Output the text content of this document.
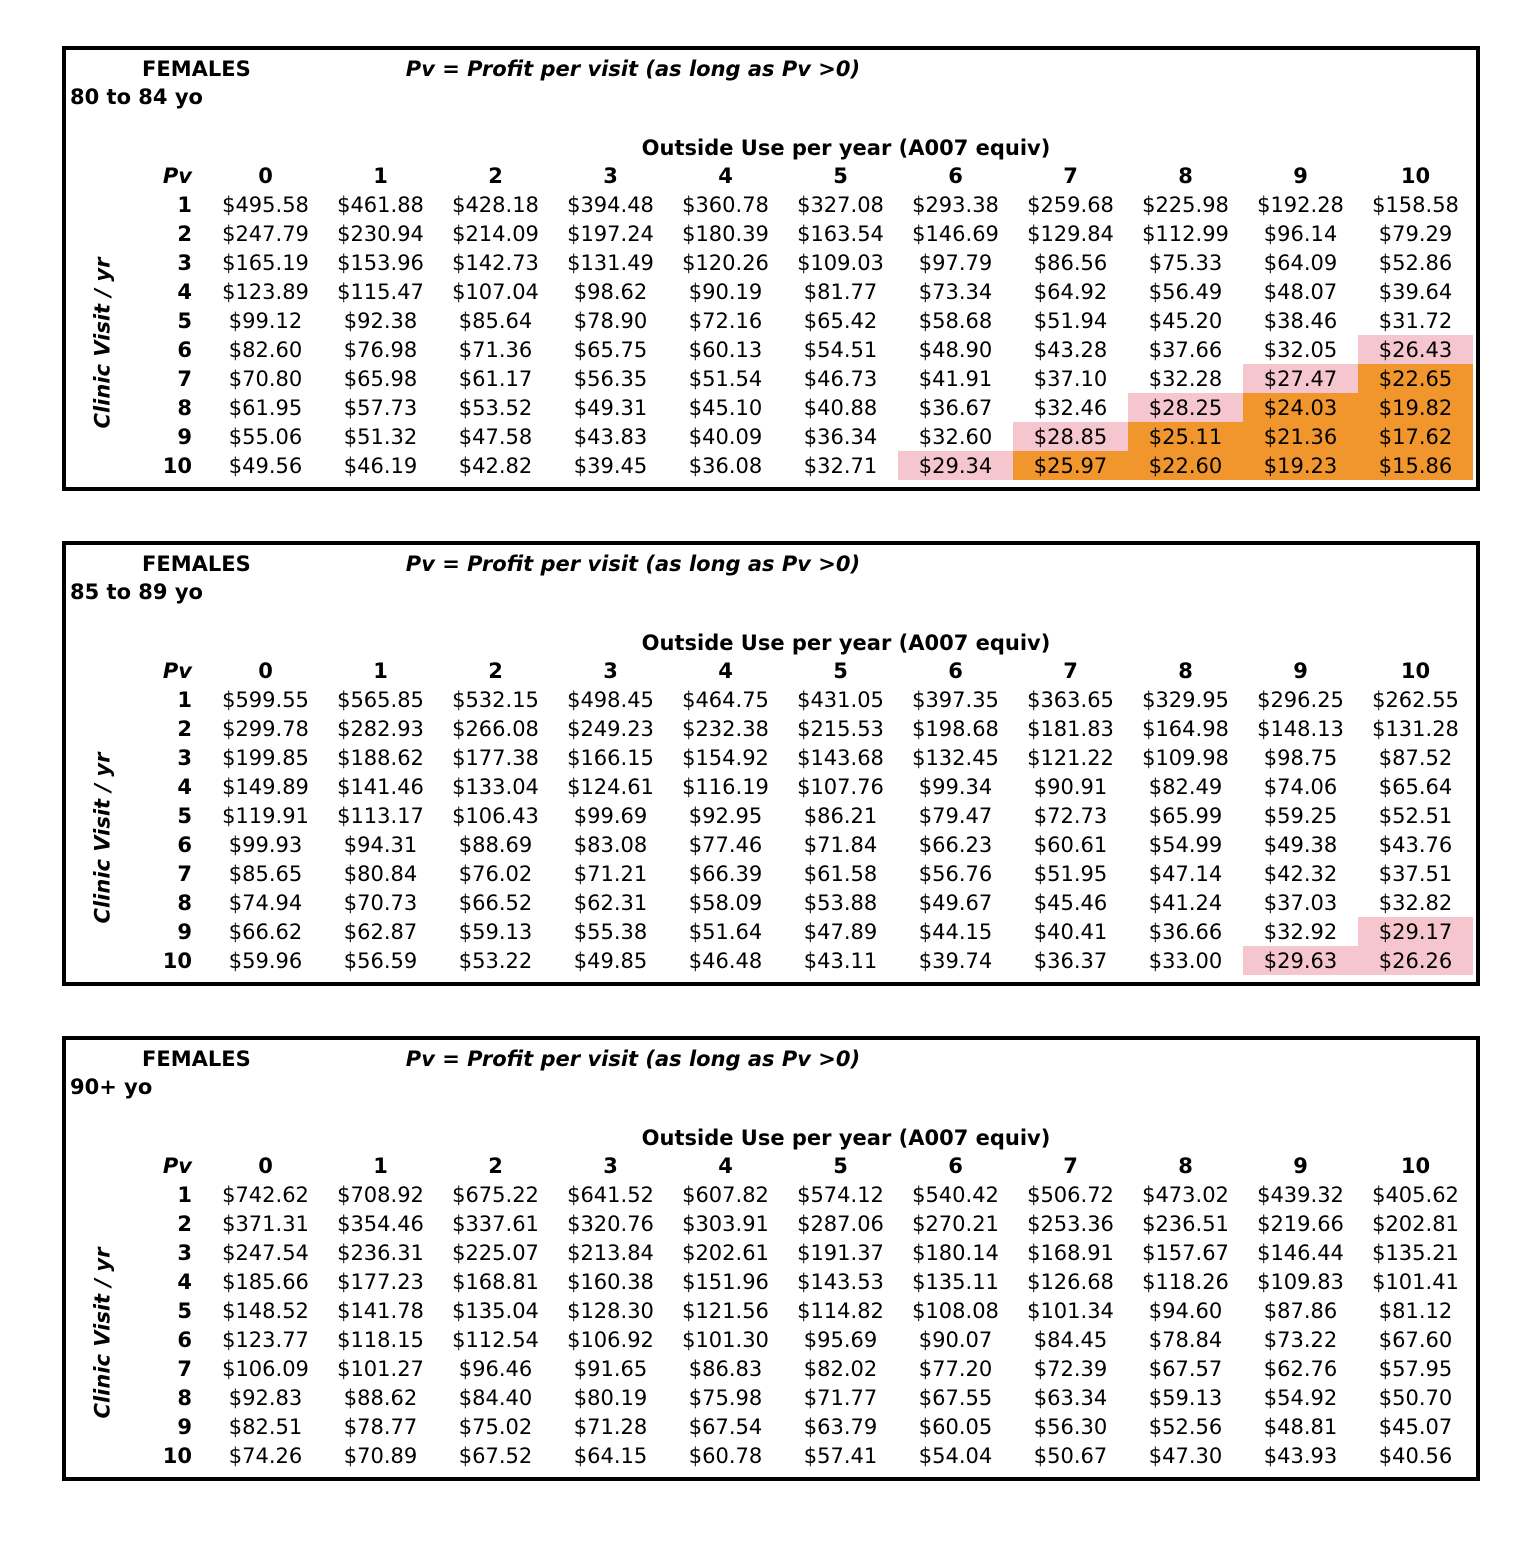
FEMALES	Pv = Profit per visit (as long as Pv >0)
80 to 84 yo
Outside Use per year (A007 equiv)
Clinic Visit / yr
Pv	0	1	2	3	4	5	6	7	8	9	10
1	$495.58	$461.88	$428.18	$394.48	$360.78	$327.08	$293.38	$259.68	$225.98	$192.28	$158.58
2	$247.79	$230.94	$214.09	$197.24	$180.39	$163.54	$146.69	$129.84	$112.99	$96.14	$79.29
3	$165.19	$153.96	$142.73	$131.49	$120.26	$109.03	$97.79	$86.56	$75.33	$64.09	$52.86
4	$123.89	$115.47	$107.04	$98.62	$90.19	$81.77	$73.34	$64.92	$56.49	$48.07	$39.64
5	$99.12	$92.38	$85.64	$78.90	$72.16	$65.42	$58.68	$51.94	$45.20	$38.46	$31.72
6	$82.60	$76.98	$71.36	$65.75	$60.13	$54.51	$48.90	$43.28	$37.66	$32.05	$26.43
7	$70.80	$65.98	$61.17	$56.35	$51.54	$46.73	$41.91	$37.10	$32.28	$27.47	$22.65
8	$61.95	$57.73	$53.52	$49.31	$45.10	$40.88	$36.67	$32.46	$28.25	$24.03	$19.82
9	$55.06	$51.32	$47.58	$43.83	$40.09	$36.34	$32.60	$28.85	$25.11	$21.36	$17.62
10	$49.56	$46.19	$42.82	$39.45	$36.08	$32.71	$29.34	$25.97	$22.60	$19.23	$15.86
FEMALES	Pv = Profit per visit (as long as Pv >0)
85 to 89 yo
Outside Use per year (A007 equiv)
Clinic Visit / yr
Pv	0	1	2	3	4	5	6	7	8	9	10
1	$599.55	$565.85	$532.15	$498.45	$464.75	$431.05	$397.35	$363.65	$329.95	$296.25	$262.55
2	$299.78	$282.93	$266.08	$249.23	$232.38	$215.53	$198.68	$181.83	$164.98	$148.13	$131.28
3	$199.85	$188.62	$177.38	$166.15	$154.92	$143.68	$132.45	$121.22	$109.98	$98.75	$87.52
4	$149.89	$141.46	$133.04	$124.61	$116.19	$107.76	$99.34	$90.91	$82.49	$74.06	$65.64
5	$119.91	$113.17	$106.43	$99.69	$92.95	$86.21	$79.47	$72.73	$65.99	$59.25	$52.51
6	$99.93	$94.31	$88.69	$83.08	$77.46	$71.84	$66.23	$60.61	$54.99	$49.38	$43.76
7	$85.65	$80.84	$76.02	$71.21	$66.39	$61.58	$56.76	$51.95	$47.14	$42.32	$37.51
8	$74.94	$70.73	$66.52	$62.31	$58.09	$53.88	$49.67	$45.46	$41.24	$37.03	$32.82
9	$66.62	$62.87	$59.13	$55.38	$51.64	$47.89	$44.15	$40.41	$36.66	$32.92	$29.17
10	$59.96	$56.59	$53.22	$49.85	$46.48	$43.11	$39.74	$36.37	$33.00	$29.63	$26.26
FEMALES	Pv = Profit per visit (as long as Pv >0)
90+ yo
Outside Use per year (A007 equiv)
Clinic Visit / yr
Pv	0	1	2	3	4	5	6	7	8	9	10
1	$742.62	$708.92	$675.22	$641.52	$607.82	$574.12	$540.42	$506.72	$473.02	$439.32	$405.62
2	$371.31	$354.46	$337.61	$320.76	$303.91	$287.06	$270.21	$253.36	$236.51	$219.66	$202.81
3	$247.54	$236.31	$225.07	$213.84	$202.61	$191.37	$180.14	$168.91	$157.67	$146.44	$135.21
4	$185.66	$177.23	$168.81	$160.38	$151.96	$143.53	$135.11	$126.68	$118.26	$109.83	$101.41
5	$148.52	$141.78	$135.04	$128.30	$121.56	$114.82	$108.08	$101.34	$94.60	$87.86	$81.12
6	$123.77	$118.15	$112.54	$106.92	$101.30	$95.69	$90.07	$84.45	$78.84	$73.22	$67.60
7	$106.09	$101.27	$96.46	$91.65	$86.83	$82.02	$77.20	$72.39	$67.57	$62.76	$57.95
8	$92.83	$88.62	$84.40	$80.19	$75.98	$71.77	$67.55	$63.34	$59.13	$54.92	$50.70
9	$82.51	$78.77	$75.02	$71.28	$67.54	$63.79	$60.05	$56.30	$52.56	$48.81	$45.07
10	$74.26	$70.89	$67.52	$64.15	$60.78	$57.41	$54.04	$50.67	$47.30	$43.93	$40.56
